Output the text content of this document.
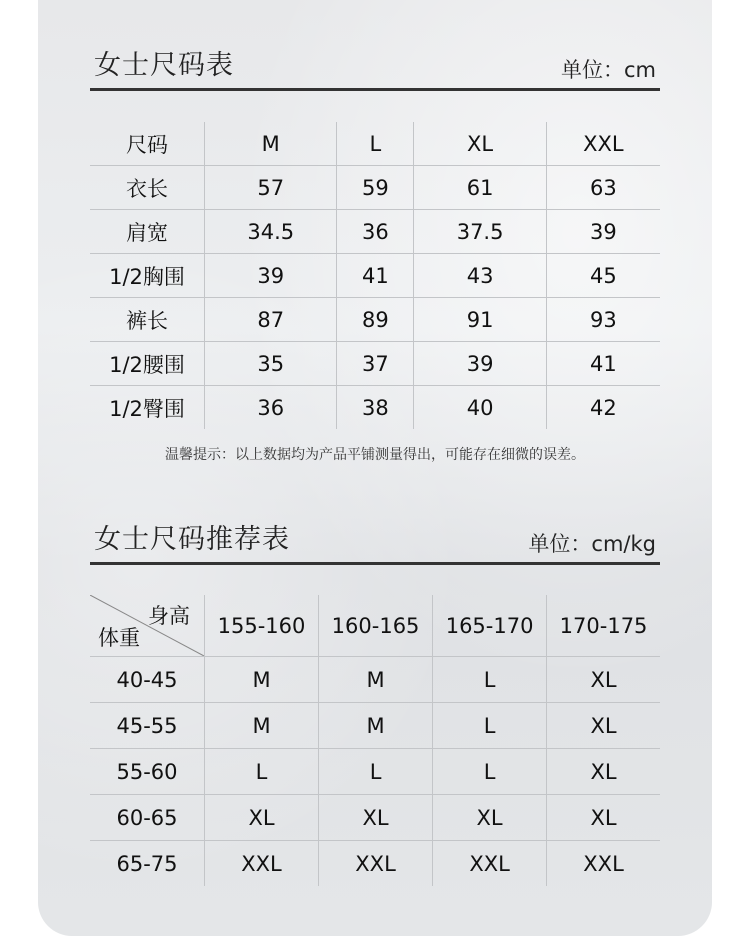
女士尺码表	单位：cm
尺码	M	L	XL	XXL
衣长	57	59	61	63
肩宽	34.5	36	37.5	39
1/2胸围	39	41	43	45
裤长	87	89	91	93
1/2腰围	35	37	39	41
1/2臀围	36	38	40	42
温馨提示：以上数据均为产品平铺测量得出，可能存在细微的误差。
女士尺码推荐表	单位：cm/kg
身高
体重	155-160	160-165	165-170	170-175
40-45	M	M	L	XL
45-55	M	M	L	XL
55-60	L	L	L	XL
60-65	XL	XL	XL	XL
65-75	XXL	XXL	XXL	XXL
